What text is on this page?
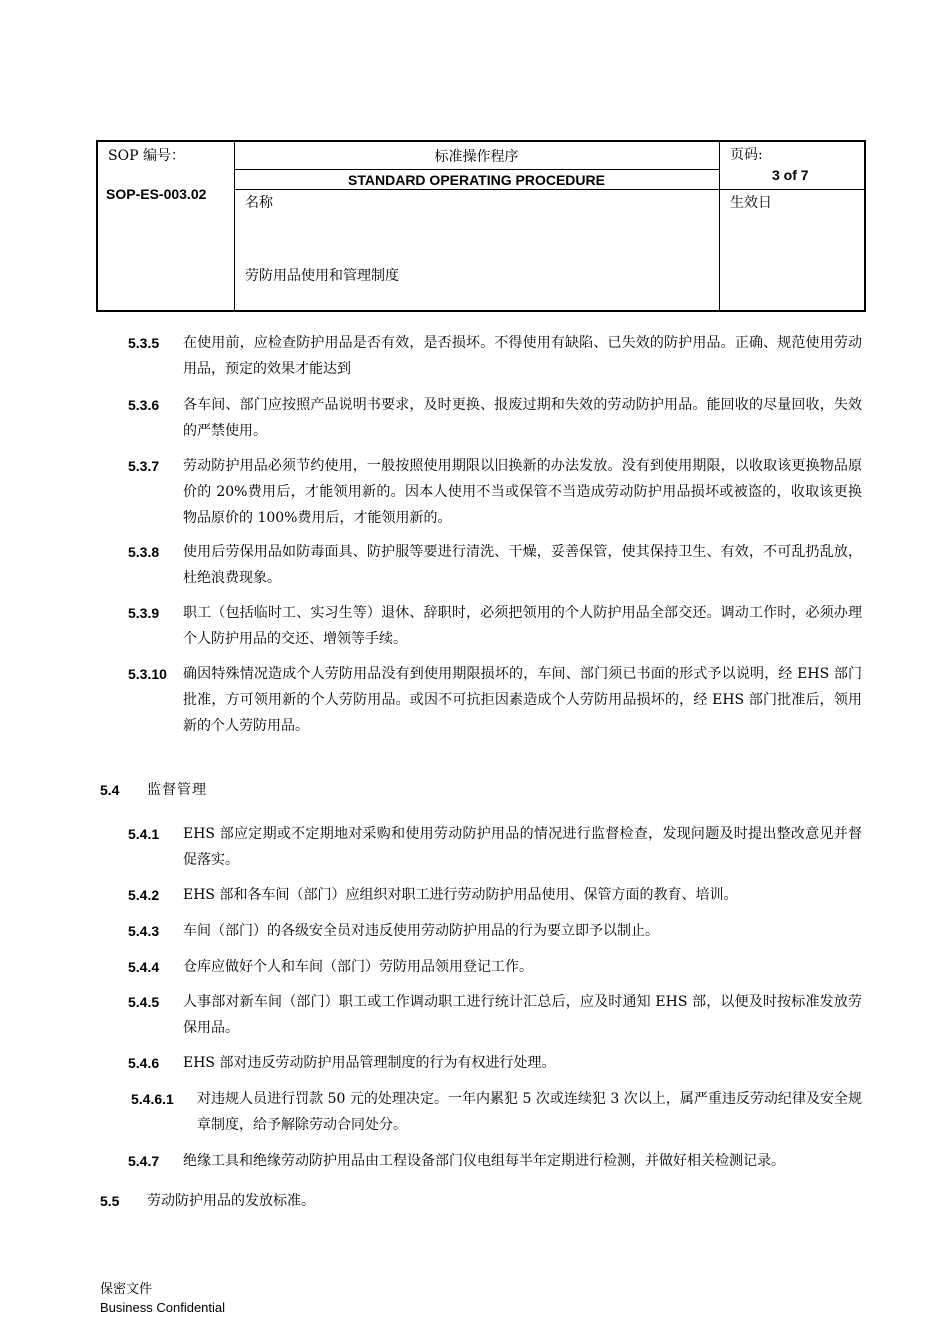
SOP 编号：
SOP-ES-003.02
标准操作程序
STANDARD OPERATING PROCEDURE
页码:
3 of 7
名称
劳防用品使用和管理制度
生效日
5.3.5 在使用前，应检查防护用品是否有效，是否损坏。不得使用有缺陷、已失效的防护用品。正确、规范使用劳动用品，预定的效果才能达到
5.3.6 各车间、部门应按照产品说明书要求，及时更换、报废过期和失效的劳动防护用品。能回收的尽量回收，失效的严禁使用。
5.3.7 劳动防护用品必须节约使用，一般按照使用期限以旧换新的办法发放。没有到使用期限，以收取该更换物品原价的 20%费用后，才能领用新的。因本人使用不当或保管不当造成劳动防护用品损坏或被盗的，收取该更换物品原价的 100%费用后，才能领用新的。
5.3.8 使用后劳保用品如防毒面具、防护服等要进行清洗、干燥，妥善保管，使其保持卫生、有效，不可乱扔乱放，杜绝浪费现象。
5.3.9 职工（包括临时工、实习生等）退休、辞职时，必须把领用的个人防护用品全部交还。调动工作时，必须办理个人防护用品的交还、增领等手续。
5.3.10 确因特殊情况造成个人劳防用品没有到使用期限损坏的，车间、部门须已书面的形式予以说明，经 EHS 部门批准，方可领用新的个人劳防用品。或因不可抗拒因素造成个人劳防用品损坏的，经 EHS 部门批准后，领用新的个人劳防用品。
5.4 监督管理
5.4.1 EHS 部应定期或不定期地对采购和使用劳动防护用品的情况进行监督检查，发现问题及时提出整改意见并督促落实。
5.4.2 EHS 部和各车间（部门）应组织对职工进行劳动防护用品使用、保管方面的教育、培训。
5.4.3 车间（部门）的各级安全员对违反使用劳动防护用品的行为要立即予以制止。
5.4.4 仓库应做好个人和车间（部门）劳防用品领用登记工作。
5.4.5 人事部对新车间（部门）职工或工作调动职工进行统计汇总后，应及时通知 EHS 部，以便及时按标准发放劳保用品。
5.4.6 EHS 部对违反劳动防护用品管理制度的行为有权进行处理。
5.4.6.1 对违规人员进行罚款 50 元的处理决定。一年内累犯 5 次或连续犯 3 次以上，属严重违反劳动纪律及安全规章制度，给予解除劳动合同处分。
5.4.7 绝缘工具和绝缘劳动防护用品由工程设备部门仪电组每半年定期进行检测，并做好相关检测记录。
5.5 劳动防护用品的发放标准。
保密文件
Business Confidential
